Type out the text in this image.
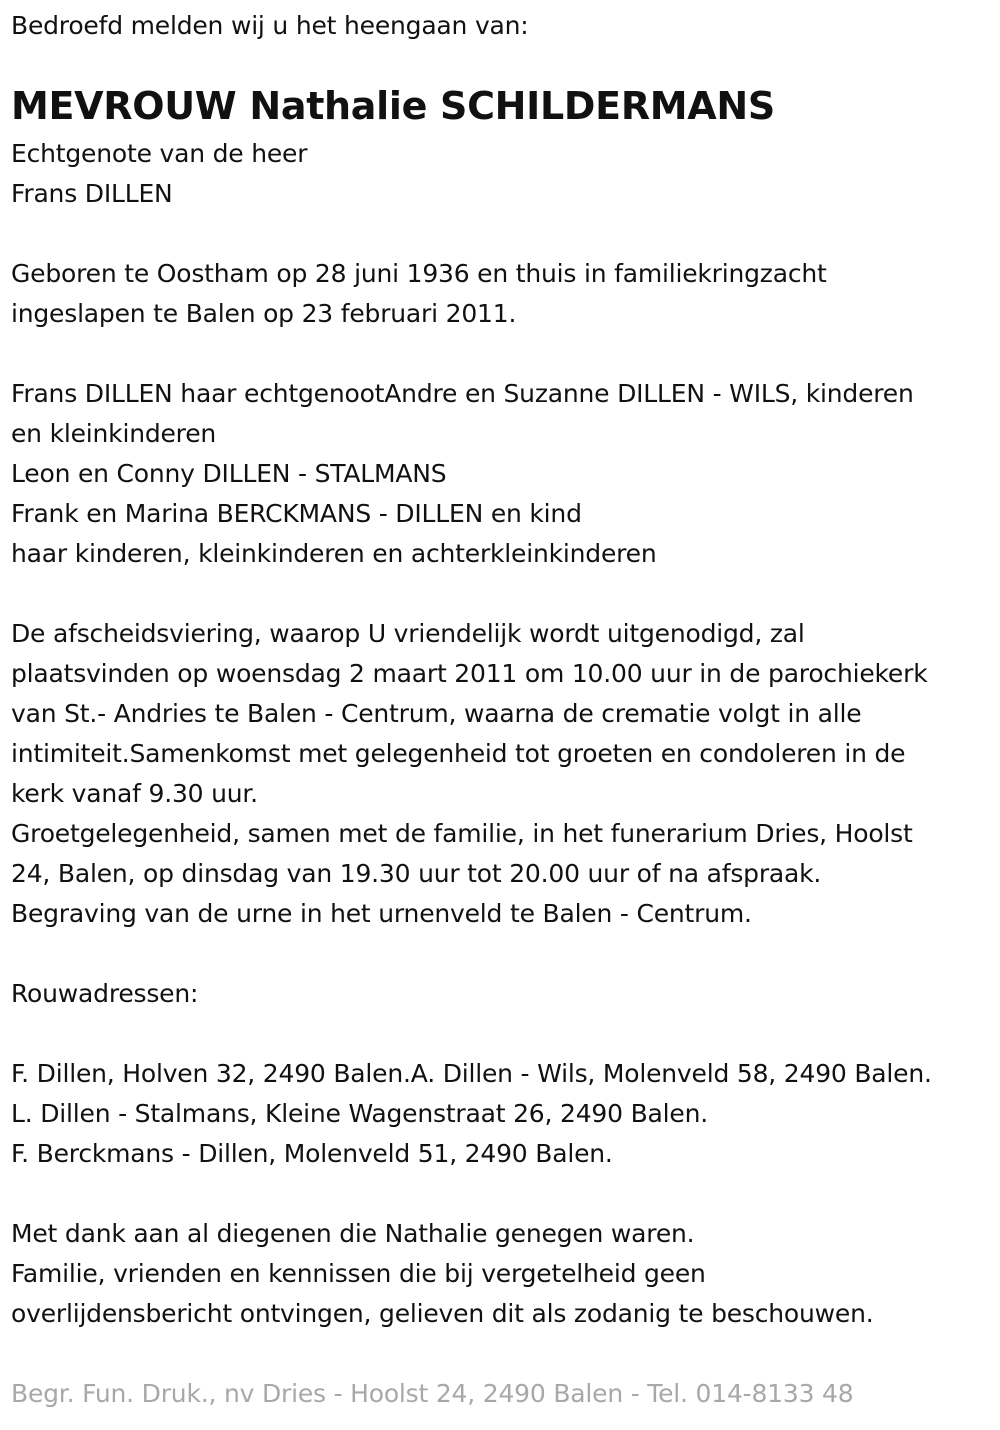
Bedroefd melden wij u het heengaan van:
MEVROUW Nathalie SCHILDERMANS
Echtgenote van de heer
Frans DILLEN
Geboren te Oostham op 28 juni 1936 en thuis in familiekringzacht
ingeslapen te Balen op 23 februari 2011.
Frans DILLEN haar echtgenootAndre en Suzanne DILLEN - WILS, kinderen
en kleinkinderen
Leon en Conny DILLEN - STALMANS
Frank en Marina BERCKMANS - DILLEN en kind
haar kinderen, kleinkinderen en achterkleinkinderen
De afscheidsviering, waarop U vriendelijk wordt uitgenodigd, zal
plaatsvinden op woensdag 2 maart 2011 om 10.00 uur in de parochiekerk
van St.- Andries te Balen - Centrum, waarna de crematie volgt in alle
intimiteit.Samenkomst met gelegenheid tot groeten en condoleren in de
kerk vanaf 9.30 uur.
Groetgelegenheid, samen met de familie, in het funerarium Dries, Hoolst
24, Balen, op dinsdag van 19.30 uur tot 20.00 uur of na afspraak.
Begraving van de urne in het urnenveld te Balen - Centrum.
Rouwadressen:
F. Dillen, Holven 32, 2490 Balen.A. Dillen - Wils, Molenveld 58, 2490 Balen.
L. Dillen - Stalmans, Kleine Wagenstraat 26, 2490 Balen.
F. Berckmans - Dillen, Molenveld 51, 2490 Balen.
Met dank aan al diegenen die Nathalie genegen waren.
Familie, vrienden en kennissen die bij vergetelheid geen
overlijdensbericht ontvingen, gelieven dit als zodanig te beschouwen.
Begr. Fun. Druk., nv Dries - Hoolst 24, 2490 Balen - Tel. 014-8133 48
